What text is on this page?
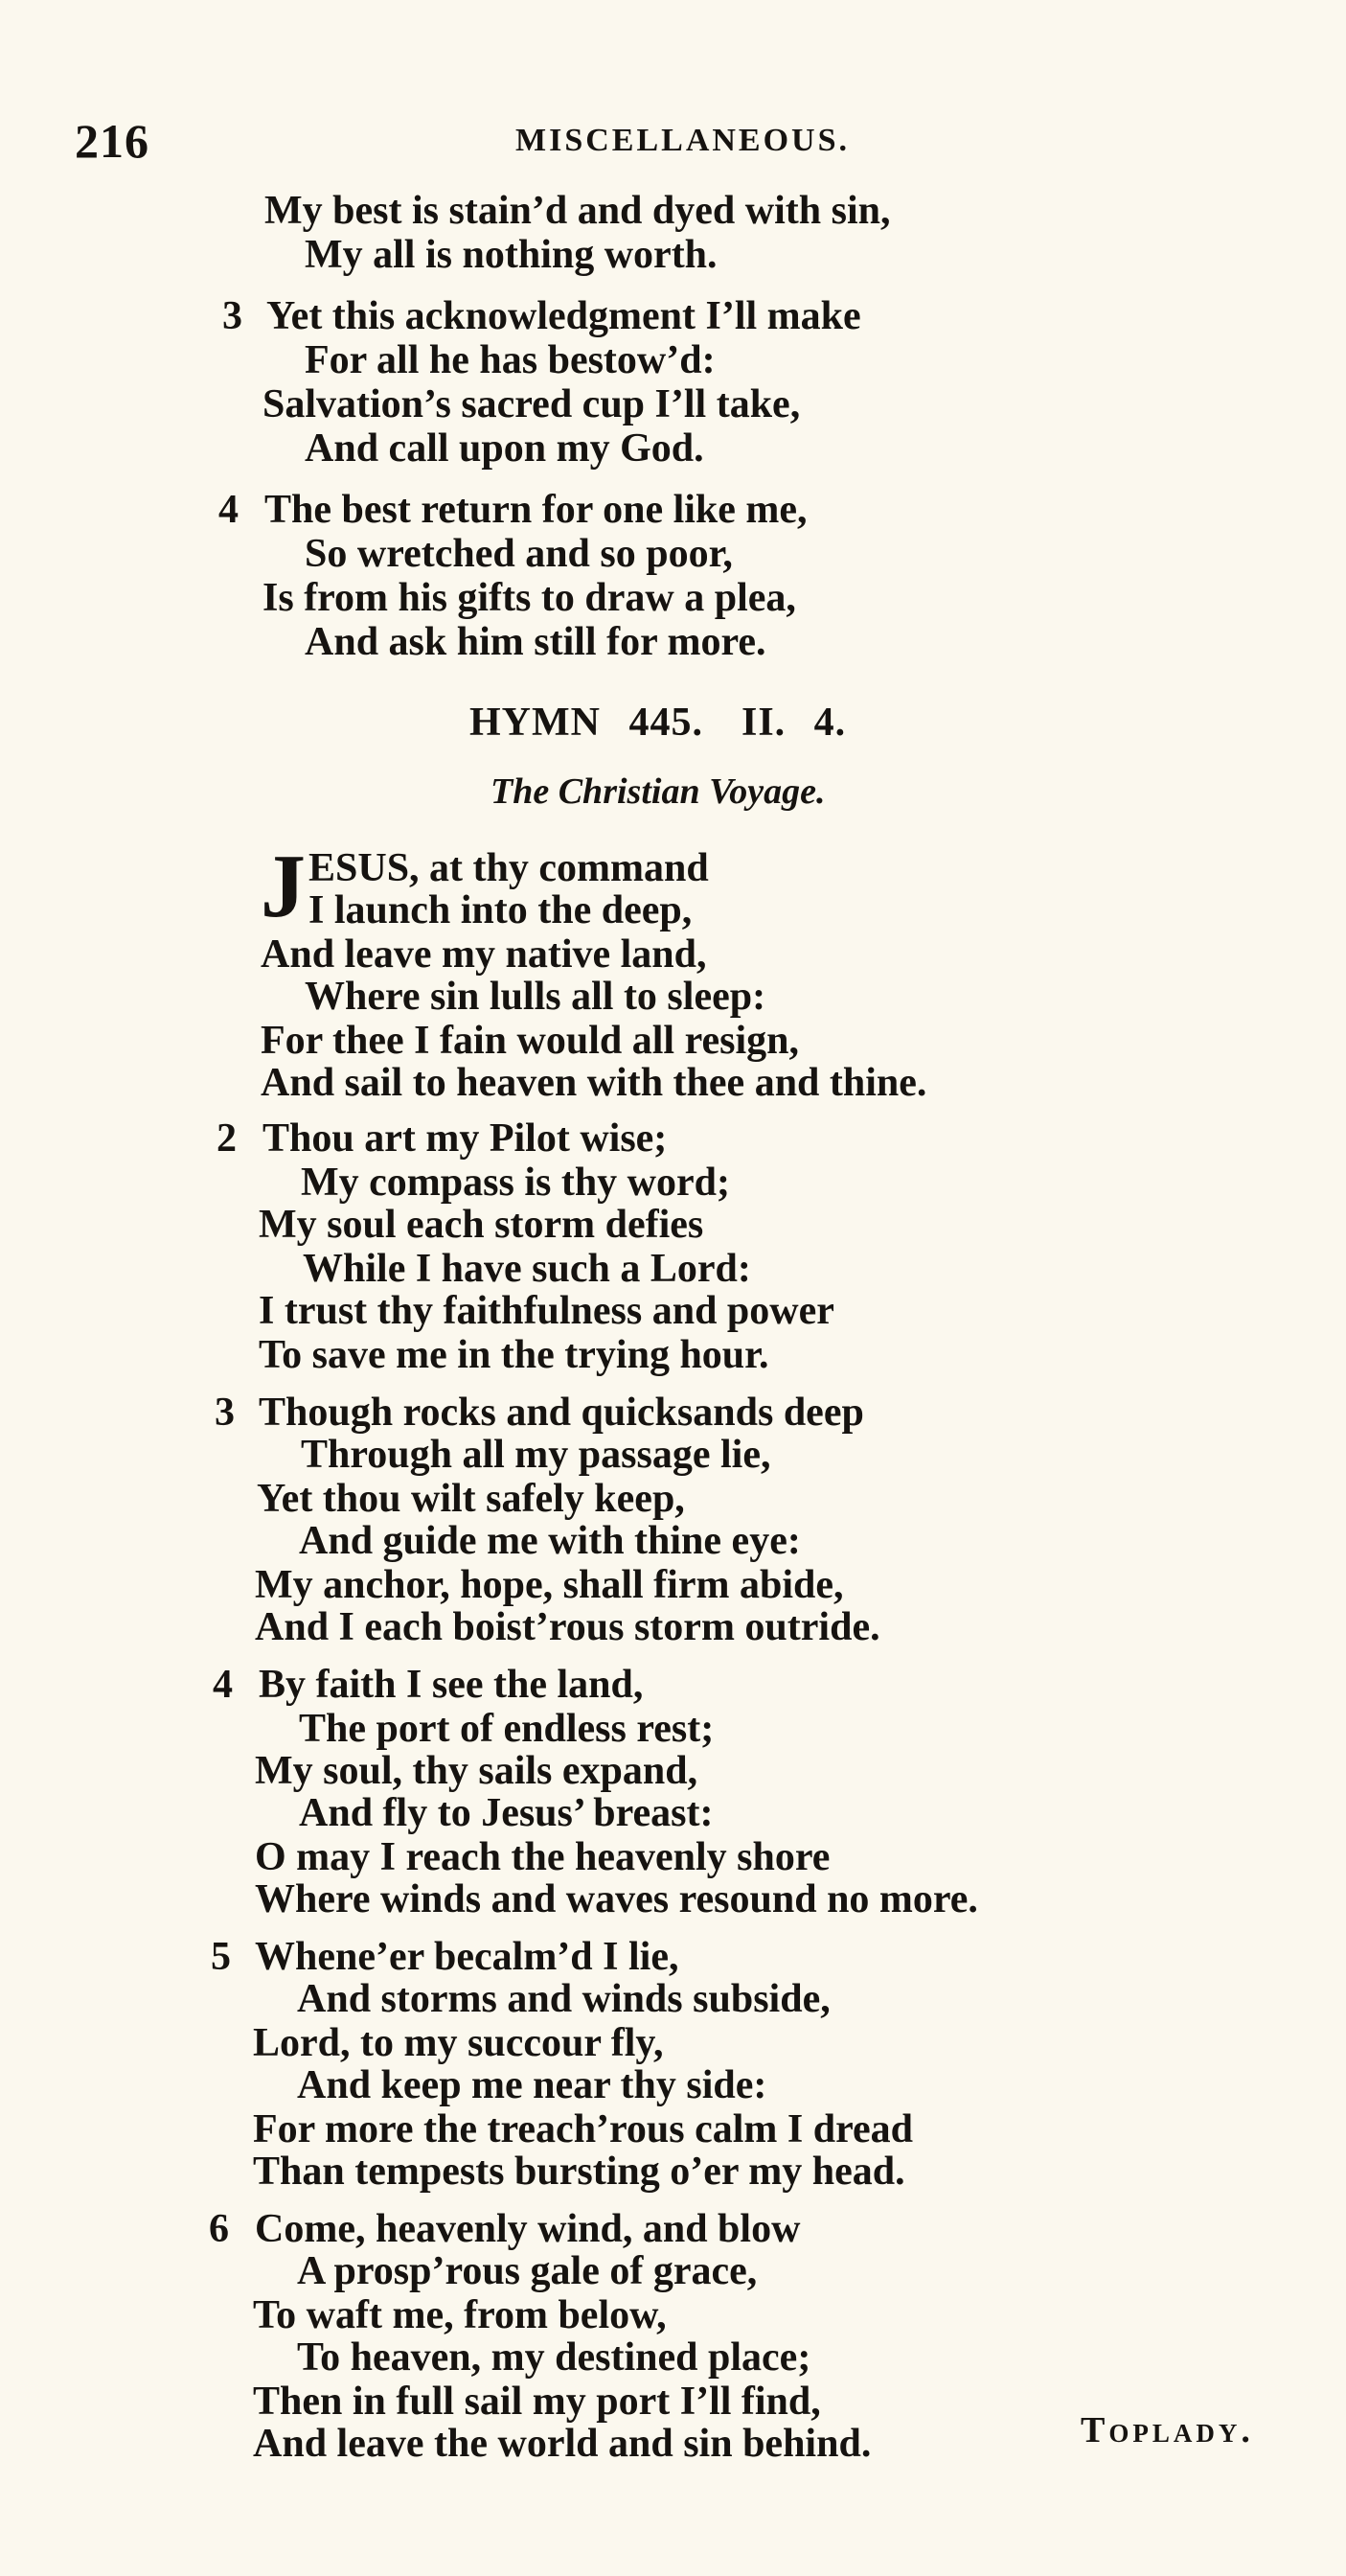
216	MISCELLANEOUS.
My best is stain’d and dyed with sin,
My all is nothing worth.
3 Yet this acknowledgment I’ll make
For all he has bestow’d:
Salvation’s sacred cup I’ll take,
And call upon my God.
4 The best return for one like me,
So wretched and so poor,
Is from his gifts to draw a plea,
And ask him still for more.
HYMN 445. II. 4.
The Christian Voyage.
J ESUS, at thy command
I launch into the deep,
And leave my native land,
Where sin lulls all to sleep:
For thee I fain would all resign,
And sail to heaven with thee and thine.
2 Thou art my Pilot wise;
My compass is thy word;
My soul each storm defies
While I have such a Lord:
I trust thy faithfulness and power
To save me in the trying hour.
3 Though rocks and quicksands deep
Through all my passage lie,
Yet thou wilt safely keep,
And guide me with thine eye:
My anchor, hope, shall firm abide,
And I each boist’rous storm outride.
4 By faith I see the land,
The port of endless rest;
My soul, thy sails expand,
And fly to Jesus’ breast:
O may I reach the heavenly shore
Where winds and waves resound no more.
5 Whene’er becalm’d I lie,
And storms and winds subside,
Lord, to my succour fly,
And keep me near thy side:
For more the treach’rous calm I dread
Than tempests bursting o’er my head.
6 Come, heavenly wind, and blow
A prosp’rous gale of grace,
To waft me, from below,
To heaven, my destined place;
Then in full sail my port I’ll find,
And leave the world and sin behind.	Toplady.
